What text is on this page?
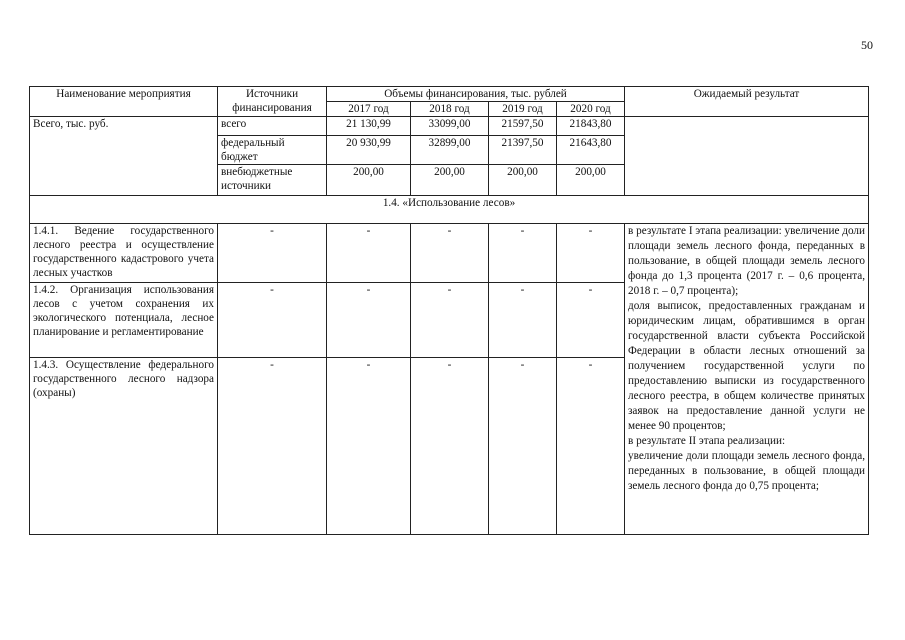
50
Наименование мероприятия	Источники финансирования	Объемы финансирования, тыс. рублей				Ожидаемый результат
		2017 год	2018 год	2019 год	2020 год	
Всего, тыс. руб.	всего	21 130,99	33099,00	21597,50	21843,80	
	федеральный бюджет	20 930,99	32899,00	21397,50	21643,80	
	внебюджетные источники	200,00	200,00	200,00	200,00	
1.4. «Использование лесов»						
1.4.1. Ведение государственного лесного реестра и осуществление государственного кадастрового учета лесных участков	-	-	-	-	-	в результате I этапа реализации: увеличение доли площади земель лесного фонда, переданных в пользование, в общей площади земель лесного фонда до 1,3 процента (2017 г. – 0,6 процента, 2018 г. – 0,7 процента);
доля выписок, предоставленных гражданам и юридическим лицам, обратившимся в орган государственной власти субъекта Российской Федерации в области лесных отношений за получением государственной услуги по предоставлению выписки из государственного лесного реестра, в общем количестве принятых заявок на предоставление данной услуги не менее 90 процентов;
в результате II этапа реализации:
увеличение доли площади земель лесного фонда, переданных в пользование, в общей площади земель лесного фонда до 0,75 процента;

1.4.2. Организация использования лесов с учетом сохранения их экологического потенциала, лесное планирование и регламентирование	-	-	-	-	-	
1.4.3. Осуществление федерального государственного лесного надзора (охраны)	-	-	-	-	-	
